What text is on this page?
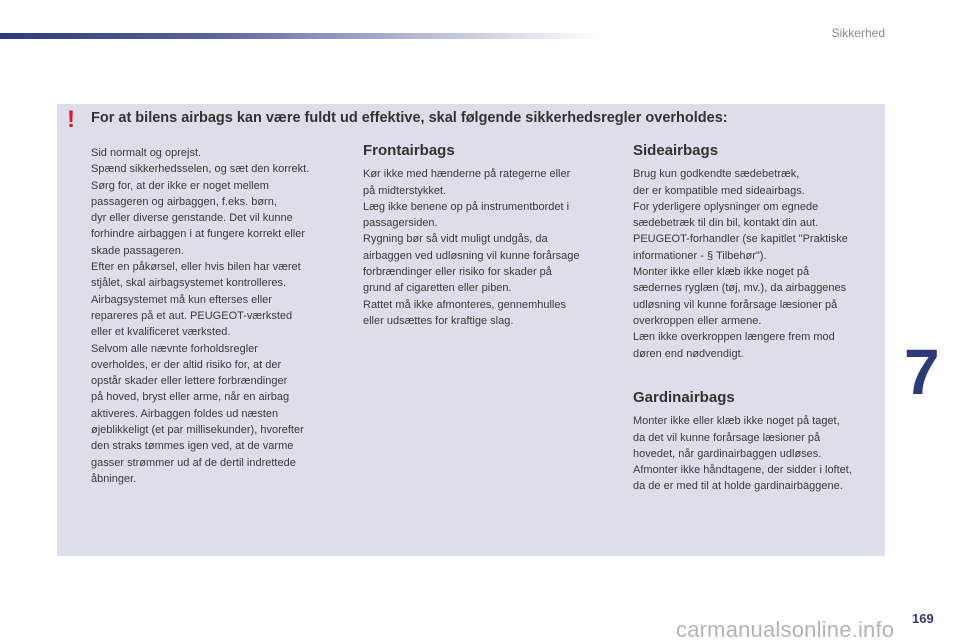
Sikkerhed
! For at bilens airbags kan være fuldt ud effektive, skal følgende sikkerhedsregler overholdes:

Sid normalt og oprejst.
Spænd sikkerhedsselen, og sæt den korrekt.
Sørg for, at der ikke er noget mellem
passageren og airbaggen, f.eks. børn,
dyr eller diverse genstande. Det vil kunne
forhindre airbaggen i at fungere korrekt eller
skade passageren.
Efter en påkørsel, eller hvis bilen har været
stjålet, skal airbagsystemet kontrolleres.
Airbagsystemet må kun efterses eller
repareres på et aut. PEUGEOT-værksted
eller et kvalificeret værksted.
Selvom alle nævnte forholdsregler
overholdes, er der altid risiko for, at der
opstår skader eller lettere forbrændinger
på hoved, bryst eller arme, når en airbag
aktiveres. Airbaggen foldes ud næsten
øjeblikkeligt (et par millisekunder), hvorefter
den straks tømmes igen ved, at de varme
gasser strømmer ud af de dertil indrettede
åbninger.

Frontairbags

Kør ikke med hænderne på rategerne eller
på midterstykket.
Læg ikke benene op på instrumentbordet i
passagersiden.
Rygning bør så vidt muligt undgås, da
airbaggen ved udløsning vil kunne forårsage
forbrændinger eller risiko for skader på
grund af cigaretten eller piben.
Rattet må ikke afmonteres, gennemhulles
eller udsættes for kraftige slag.

Sideairbags

Brug kun godkendte sædebetræk,
der er kompatible med sideairbags.
For yderligere oplysninger om egnede
sædebetræk til din bil, kontakt din aut.
PEUGEOT-forhandler (se kapitlet "Praktiske
informationer - § Tilbehør").
Monter ikke eller klæb ikke noget på
sædernes ryglæn (tøj, mv.), da airbaggenes
udløsning vil kunne forårsage læsioner på
overkroppen eller armene.
Læn ikke overkroppen længere frem mod
døren end nødvendigt.

Gardinairbags

Monter ikke eller klæb ikke noget på taget,
da det vil kunne forårsage læsioner på
hovedet, når gardinairbaggen udløses.
Afmonter ikke håndtagene, der sidder i loftet,
da de er med til at holde gardinairbaggene.

7
carmanualsonline.info 169
